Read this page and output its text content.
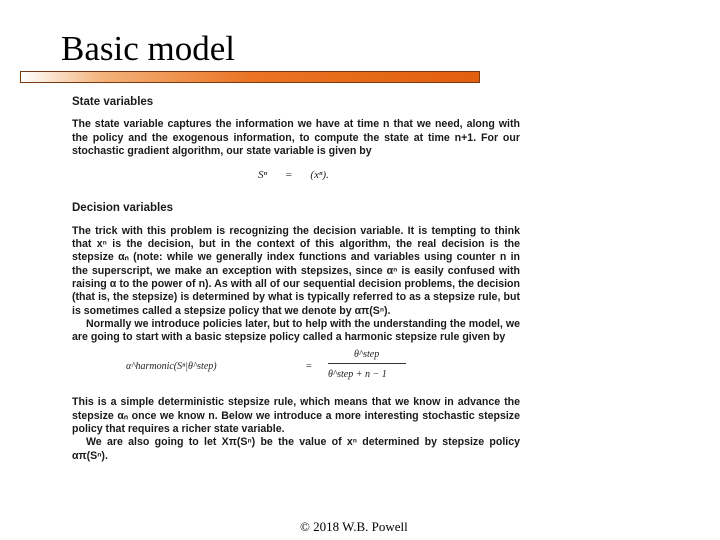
Basic model
State variables

The state variable captures the information we have at time n that we need, along with the policy and the exogenous information, to compute the state at time n+1. For our stochastic gradient algorithm, our state variable is given by

Sⁿ = (xⁿ).
Decision variables

The trick with this problem is recognizing the decision variable. It is tempting to think that xⁿ is the decision, but in the context of this algorithm, the real decision is the stepsize αₙ (note: while we generally index functions and variables using counter n in the superscript, we make an exception with stepsizes, since αⁿ is easily confused with raising α to the power of n). As with all of our sequential decision problems, the decision (that is, the stepsize) is determined by what is typically referred to as a stepsize rule, but is sometimes called a stepsize policy that we denote by απ(Sⁿ).

Normally we introduce policies later, but to help with the understanding the model, we are going to start with a basic stepsize policy called a harmonic stepsize rule given by

α^harmonic(Sⁿ|θ^step)	=
θ^step
θ^step + n − 1

This is a simple deterministic stepsize rule, which means that we know in advance the stepsize αₙ once we know n. Below we introduce a more interesting stochastic stepsize policy that requires a richer state variable.

We are also going to let Xπ(Sⁿ) be the value of xⁿ determined by stepsize policy απ(Sⁿ).

© 2018 W.B. Powell
